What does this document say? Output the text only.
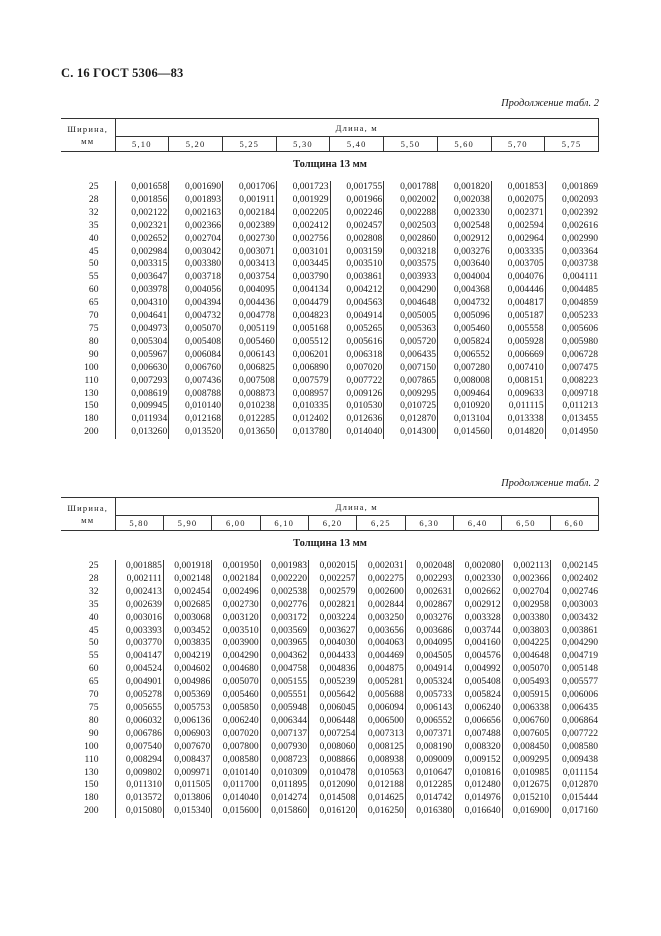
С. 16 ГОСТ 5306—83
Продолжение табл. 2
Ширина, мм	Длина, м								
	5,10	5,20	5,25	5,30	5,40	5,50	5,60	5,70	5,75
Толщина 13 мм
25	0,001658	0,001690	0,001706	0,001723	0,001755	0,001788	0,001820	0,001853	0,001869
28	0,001856	0,001893	0,001911	0,001929	0,001966	0,002002	0,002038	0,002075	0,002093
32	0,002122	0,002163	0,002184	0,002205	0,002246	0,002288	0,002330	0,002371	0,002392
35	0,002321	0,002366	0,002389	0,002412	0,002457	0,002503	0,002548	0,002594	0,002616
40	0,002652	0,002704	0,002730	0,002756	0,002808	0,002860	0,002912	0,002964	0,002990
45	0,002984	0,003042	0,003071	0,003101	0,003159	0,003218	0,003276	0,003335	0,003364
50	0,003315	0,003380	0,003413	0,003445	0,003510	0,003575	0,003640	0,003705	0,003738
55	0,003647	0,003718	0,003754	0,003790	0,003861	0,003933	0,004004	0,004076	0,004111
60	0,003978	0,004056	0,004095	0,004134	0,004212	0,004290	0,004368	0,004446	0,004485
65	0,004310	0,004394	0,004436	0,004479	0,004563	0,004648	0,004732	0,004817	0,004859
70	0,004641	0,004732	0,004778	0,004823	0,004914	0,005005	0,005096	0,005187	0,005233
75	0,004973	0,005070	0,005119	0,005168	0,005265	0,005363	0,005460	0,005558	0,005606
80	0,005304	0,005408	0,005460	0,005512	0,005616	0,005720	0,005824	0,005928	0,005980
90	0,005967	0,006084	0,006143	0,006201	0,006318	0,006435	0,006552	0,006669	0,006728
100	0,006630	0,006760	0,006825	0,006890	0,007020	0,007150	0,007280	0,007410	0,007475
110	0,007293	0,007436	0,007508	0,007579	0,007722	0,007865	0,008008	0,008151	0,008223
130	0,008619	0,008788	0,008873	0,008957	0,009126	0,009295	0,009464	0,009633	0,009718
150	0,009945	0,010140	0,010238	0,010335	0,010530	0,010725	0,010920	0,011115	0,011213
180	0,011934	0,012168	0,012285	0,012402	0,012636	0,012870	0,013104	0,013338	0,013455
200	0,013260	0,013520	0,013650	0,013780	0,014040	0,014300	0,014560	0,014820	0,014950
Продолжение табл. 2
Ширина, мм	Длина, м									
	5,80	5,90	6,00	6,10	6,20	6,25	6,30	6,40	6,50	6,60
Толщина 13 мм
25	0,001885	0,001918	0,001950	0,001983	0,002015	0,002031	0,002048	0,002080	0,002113	0,002145
28	0,002111	0,002148	0,002184	0,002220	0,002257	0,002275	0,002293	0,002330	0,002366	0,002402
32	0,002413	0,002454	0,002496	0,002538	0,002579	0,002600	0,002631	0,002662	0,002704	0,002746
35	0,002639	0,002685	0,002730	0,002776	0,002821	0,002844	0,002867	0,002912	0,002958	0,003003
40	0,003016	0,003068	0,003120	0,003172	0,003224	0,003250	0,003276	0,003328	0,003380	0,003432
45	0,003393	0,003452	0,003510	0,003569	0,003627	0,003656	0,003686	0,003744	0,003803	0,003861
50	0,003770	0,003835	0,003900	0,003965	0,004030	0,004063	0,004095	0,004160	0,004225	0,004290
55	0,004147	0,004219	0,004290	0,004362	0,004433	0,004469	0,004505	0,004576	0,004648	0,004719
60	0,004524	0,004602	0,004680	0,004758	0,004836	0,004875	0,004914	0,004992	0,005070	0,005148
65	0,004901	0,004986	0,005070	0,005155	0,005239	0,005281	0,005324	0,005408	0,005493	0,005577
70	0,005278	0,005369	0,005460	0,005551	0,005642	0,005688	0,005733	0,005824	0,005915	0,006006
75	0,005655	0,005753	0,005850	0,005948	0,006045	0,006094	0,006143	0,006240	0,006338	0,006435
80	0,006032	0,006136	0,006240	0,006344	0,006448	0,006500	0,006552	0,006656	0,006760	0,006864
90	0,006786	0,006903	0,007020	0,007137	0,007254	0,007313	0,007371	0,007488	0,007605	0,007722
100	0,007540	0,007670	0,007800	0,007930	0,008060	0,008125	0,008190	0,008320	0,008450	0,008580
110	0,008294	0,008437	0,008580	0,008723	0,008866	0,008938	0,009009	0,009152	0,009295	0,009438
130	0,009802	0,009971	0,010140	0,010309	0,010478	0,010563	0,010647	0,010816	0,010985	0,011154
150	0,011310	0,011505	0,011700	0,011895	0,012090	0,012188	0,012285	0,012480	0,012675	0,012870
180	0,013572	0,013806	0,014040	0,014274	0,014508	0,014625	0,014742	0,014976	0,015210	0,015444
200	0,015080	0,015340	0,015600	0,015860	0,016120	0,016250	0,016380	0,016640	0,016900	0,017160
